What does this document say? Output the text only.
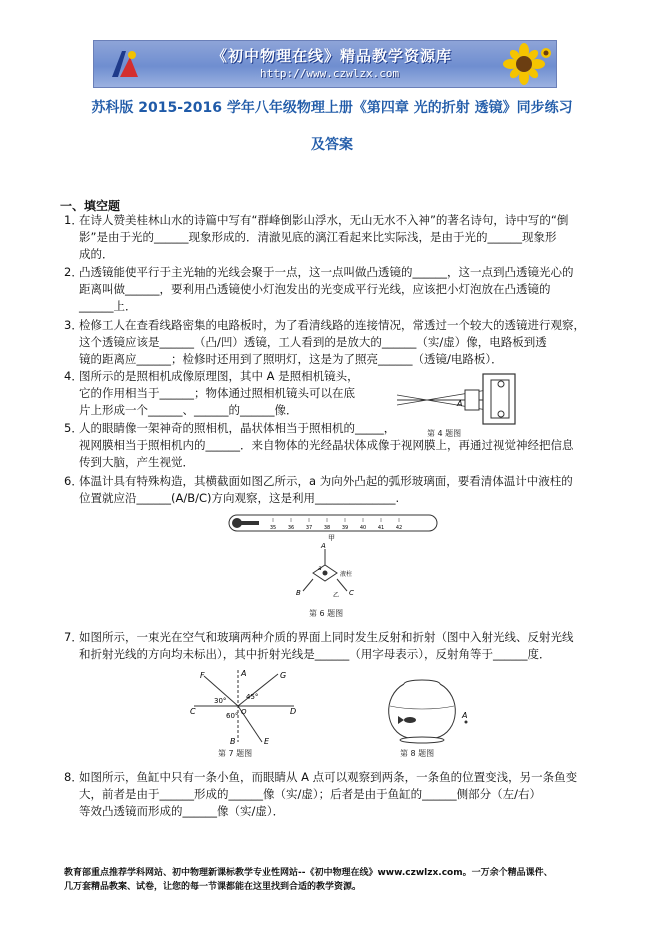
《初中物理在线》精品教学资源库
http://www.czwlzx.com
苏科版 2015-2016 学年八年级物理上册《第四章 光的折射 透镜》同步练习
及答案
一、填空题
1．
在诗人赞美桂林山水的诗篇中写有“群峰倒影山浮水，无山无水不入神”的著名诗句，诗中写的“倒
影”是由于光的______现象形成的．清澈见底的漓江看起来比实际浅，是由于光的______现象形
成的．
2．
凸透镜能使平行于主光轴的光线会聚于一点，这一点叫做凸透镜的______，这一点到凸透镜光心的
距离叫做______，要利用凸透镜使小灯泡发出的光变成平行光线，应该把小灯泡放在凸透镜的
______上．
3．
检修工人在查看线路密集的电路板时，为了看清线路的连接情况，常透过一个较大的透镜进行观察，
这个透镜应该是______（凸/凹）透镜，工人看到的是放大的______（实/虚）像，电路板到透
镜的距离应______；检修时还用到了照明灯，这是为了照亮______（透镜/电路板）．
4．
图所示的是照相机成像原理图，其中 A 是照相机镜头，
它的作用相当于______；物体通过照相机镜头可以在底
片上形成一个______、______的______像．	A
第 4 题图
5．
人的眼睛像一架神奇的照相机，晶状体相当于照相机的_____，
视网膜相当于照相机内的______．来自物体的光经晶状体成像于视网膜上，再通过视觉神经把信息
传到大脑，产生视觉．
6．
体温计具有特殊构造，其横截面如图乙所示，a 为向外凸起的弧形玻璃面，要看清体温计中液柱的
位置就应沿______(A/B/C)方向观察，这是利用______________.
35 36 37 38 39 40 41 42
甲
A
B	C
a
液柱
乙
第 6 题图
7．
如图所示，一束光在空气和玻璃两种介质的界面上同时发生反射和折射（图中入射光线、反射光线
和折射光线的方向均未标出），其中折射光线是______（用字母表示），反射角等于______度．
F	A	G
C	D
B	E
30°	45°
60° O
第 7 题图
A
第 8 题图
8．
如图所示，鱼缸中只有一条小鱼，而眼睛从 A 点可以观察到两条，一条鱼的位置变浅，另一条鱼变
大，前者是由于______形成的______像（实/虚）；后者是由于鱼缸的______侧部分（左/右）
等效凸透镜而形成的______像（实/虚）．
教育部重点推荐学科网站、初中物理新课标教学专业性网站--《初中物理在线》www.czwlzx.com。一万余个精品课件、
几万套精品教案、试卷，让您的每一节课都能在这里找到合适的教学资源。
